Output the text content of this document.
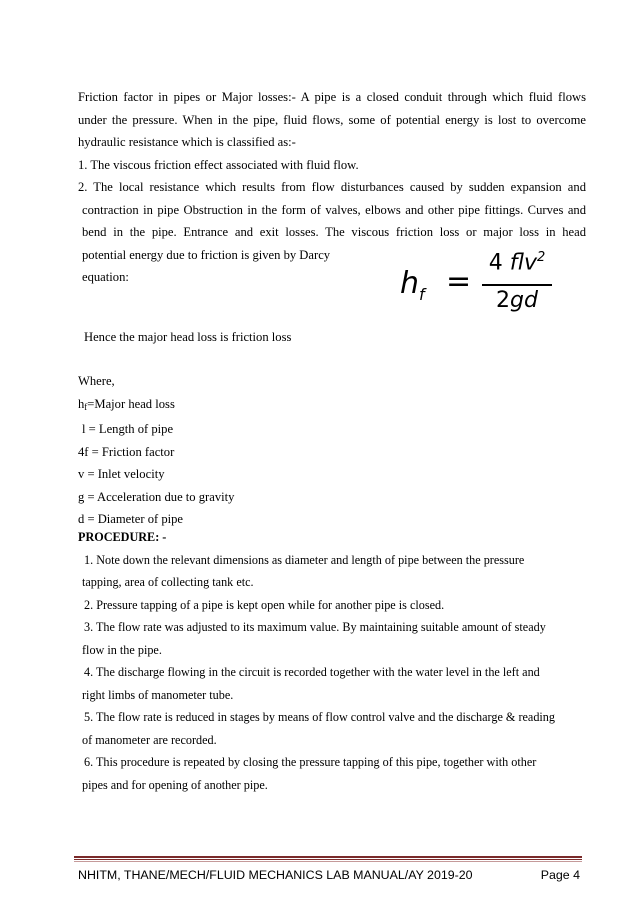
Friction factor in pipes or Major losses:- A pipe is a closed conduit through which fluid flows
under the pressure. When in the pipe, fluid flows, some of potential energy is lost to overcome
hydraulic resistance which is classified as:-
1. The viscous friction effect associated with fluid flow.
2. The local resistance which results from flow disturbances caused by sudden expansion and
contraction in pipe Obstruction in the form of valves, elbows and other pipe fittings. Curves and
bend in the pipe. Entrance and exit losses. The viscous friction loss or major loss in head
potential energy due to friction is given by Darcy
equation:	$h_f$ =
4 flv$^2$
2gd
Hence the major head loss is friction loss
Where,
hf=Major head loss
l = Length of pipe
4f = Friction factor
v = Inlet velocity
g = Acceleration due to gravity
d = Diameter of pipe
PROCEDURE: -
1. Note down the relevant dimensions as diameter and length of pipe between the pressure
tapping, area of collecting tank etc.
2. Pressure tapping of a pipe is kept open while for another pipe is closed.
3. The flow rate was adjusted to its maximum value. By maintaining suitable amount of steady
flow in the pipe.
4. The discharge flowing in the circuit is recorded together with the water level in the left and
right limbs of manometer tube.
5. The flow rate is reduced in stages by means of flow control valve and the discharge & reading
of manometer are recorded.
6. This procedure is repeated by closing the pressure tapping of this pipe, together with other
pipes and for opening of another pipe.
NHITM, THANE/MECH/FLUID MECHANICS LAB MANUAL/AY 2019-20	Page 4
